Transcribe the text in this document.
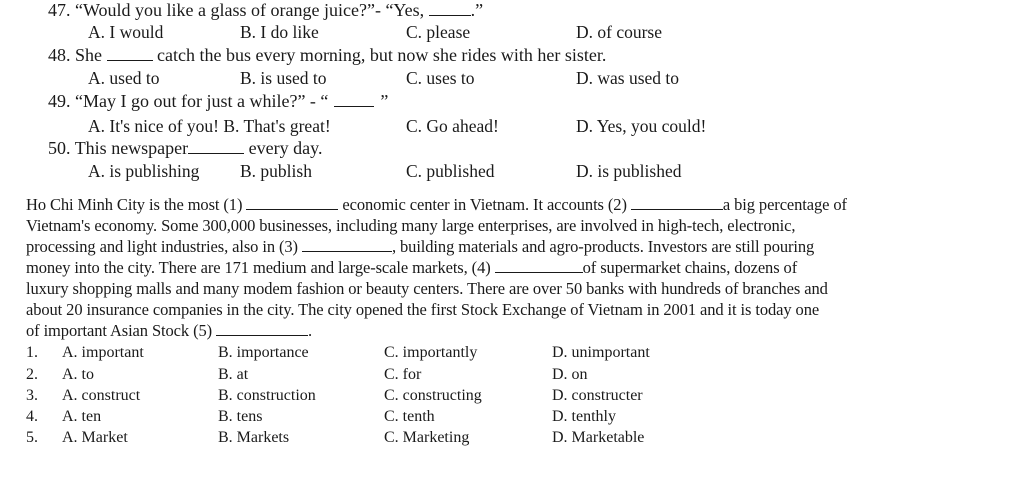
47. “Would you like a glass of orange juice?”- “Yes,	.”
A. I would	B. I do like	C. please	D. of course
48. She	catch the bus every morning, but now she rides with her sister.
A. used to	B. is used to	C. uses to	D. was used to
49. “May I go out for just a while?” - “	”
A. It's nice of you! B. That's great!	C. Go ahead!	D. Yes, you could!
50. This newspaper	every day.
A. is publishing B. publish	C. published	D. is published
Ho Chi Minh City is the most (1)	economic center in Vietnam. It accounts (2)	a big percentage of
Vietnam's economy. Some 300,000 businesses, including many large enterprises, are involved in high-tech, electronic,
processing and light industries, also in (3)	, building materials and agro-products. Investors are still pouring
money into the city. There are 171 medium and large-scale markets, (4)	of supermarket chains, dozens of
luxury shopping malls and many modem fashion or beauty centers. There are over 50 banks with hundreds of branches and
about 20 insurance companies in the city. The city opened the first Stock Exchange of Vietnam in 2001 and it is today one
of important Asian Stock (5)	.
1. A. important	B. importance	C. importantly	D. unimportant
2. A. to	B. at	C. for	D. on
3. A. construct	B. construction	C. constructing	D. constructer
4. A. ten	B. tens	C. tenth	D. tenthly
5. A. Market	B. Markets	C. Marketing	D. Marketable
